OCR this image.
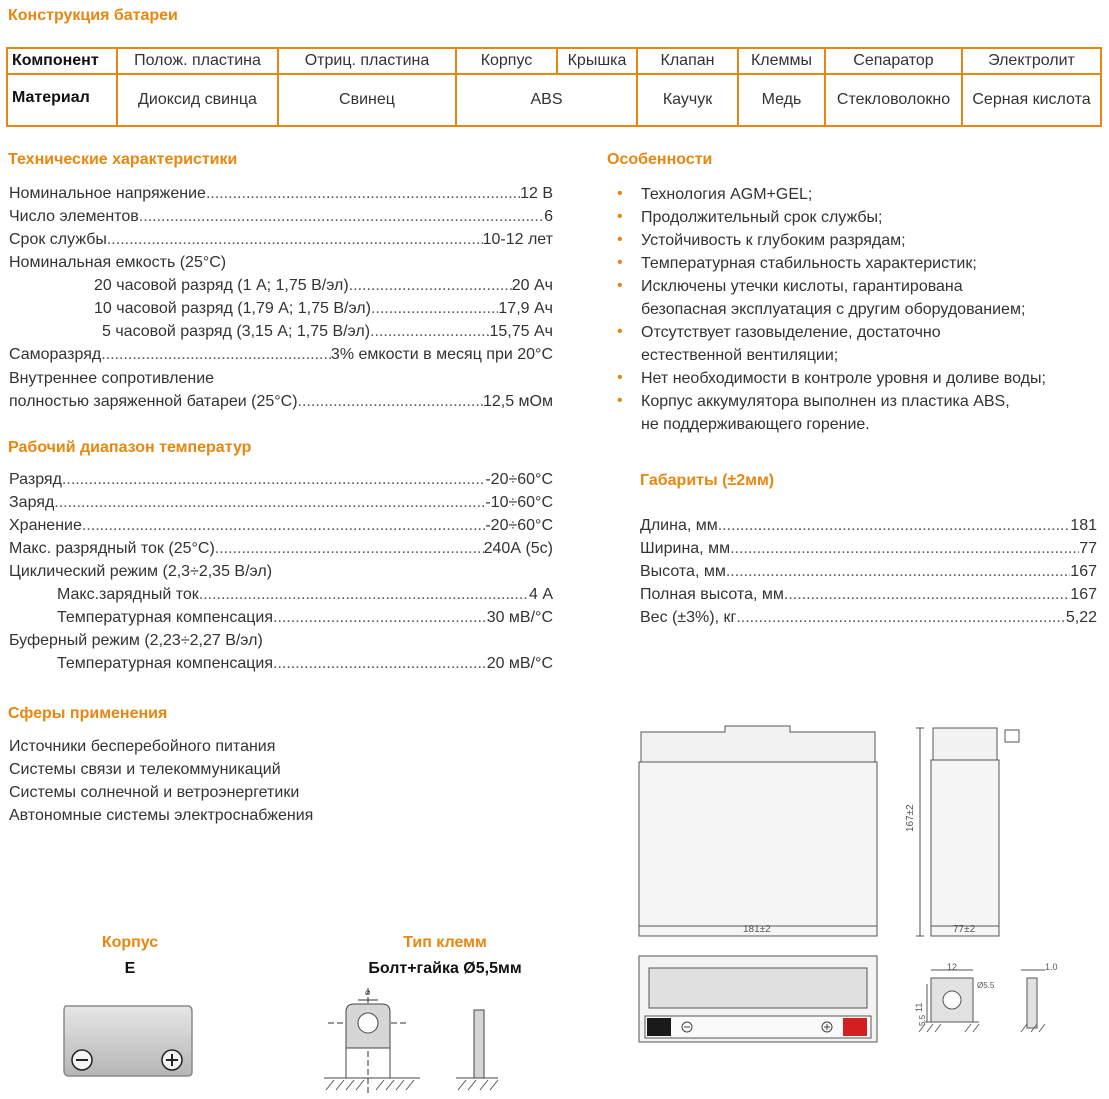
Конструкция батареи
Компонент	Полож. пластина	Отриц. пластина	Корпус	Крышка	Клапан	Клеммы	Сепаратор	Электролит
Материал	Диоксид свинца	Свинец	ABS		Каучук	Медь	Стекловолокно	Серная кислота
Технические характеристики
Номинальное напряжение .....	12 В
Число элементов .....	6
Срок службы .....	10-12 лет
Номинальная емкость (25°С)
20 часовой разряд (1 А; 1,75 В/эл) .....	20 Ач
10 часовой разряд (1,79 А; 1,75 В/эл) .....	17,9 Ач
5 часовой разряд (3,15 А; 1,75 В/эл) .....	15,75 Ач
Саморазряд .....	3% емкости в месяц при 20°С
Внутреннее сопротивление
полностью заряженной батареи (25°С) .....	12,5 мОм
Рабочий диапазон температур
Разряд .....	-20÷60°С
Заряд .....	-10÷60°С
Хранение .....	-20÷60°С
Макс. разрядный ток (25°С) .....	240А (5с)
Циклический режим (2,3÷2,35 В/эл)
Макс.зарядный ток .....	4 А
Температурная компенсация .....	30 мВ/°С
Буферный режим (2,23÷2,27 В/эл)
Температурная компенсация .....	20 мВ/°С
Сферы применения
Источники бесперебойного питания
Системы связи и телекоммуникаций
Системы солнечной и ветроэнергетики
Автономные системы электроснабжения
Особенности
• Технология AGM+GEL;
• Продолжительный срок службы;
• Устойчивость к глубоким разрядам;
• Температурная стабильность характеристик;
• Исключены утечки кислоты, гарантирована
безопасная эксплуатация с другим оборудованием;
• Отсутствует газовыделение, достаточно
естественной вентиляции;
• Нет необходимости в контроле уровня и доливе воды;
• Корпус аккумулятора выполнен из пластика ABS,
не поддерживающего горение.
Габариты (±2мм)
Длина, мм .....	181
Ширина, мм .....	77
Высота, мм .....	167
Полная высота, мм .....	167
Вес (±3%), кг .....	5,22
Корпус
E
Тип клемм
Болт+гайка Ø5,5мм
⌀
181±2	77±2
167±2
12	1.0
11
5.5
Ø5.5
